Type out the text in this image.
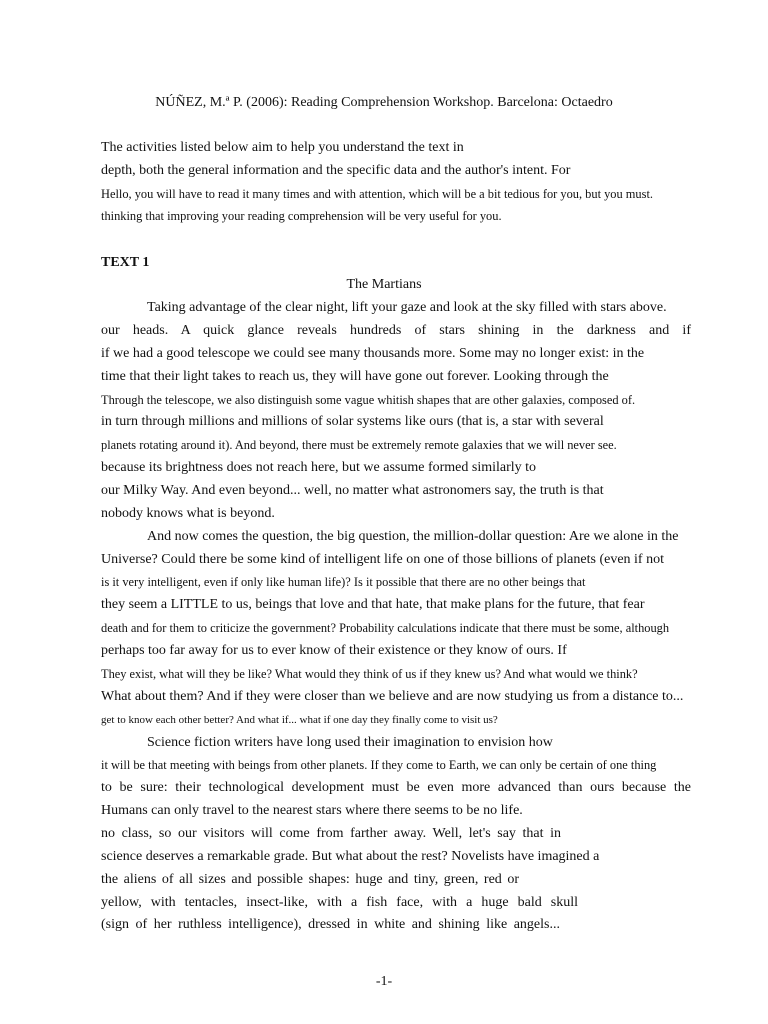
NÚÑEZ, M.ª P. (2006): Reading Comprehension Workshop. Barcelona: Octaedro
The activities listed below aim to help you understand the text in
depth, both the general information and the specific data and the author's intent. For
Hello, you will have to read it many times and with attention, which will be a bit tedious for you, but you must.
thinking that improving your reading comprehension will be very useful for you.
TEXT 1
The Martians
Taking advantage of the clear night, lift your gaze and look at the sky filled with stars above.
our heads. A quick glance reveals hundreds of stars shining in the darkness and if
if we had a good telescope we could see many thousands more. Some may no longer exist: in the
time that their light takes to reach us, they will have gone out forever. Looking through the
Through the telescope, we also distinguish some vague whitish shapes that are other galaxies, composed of.
in turn through millions and millions of solar systems like ours (that is, a star with several
planets rotating around it). And beyond, there must be extremely remote galaxies that we will never see.
because its brightness does not reach here, but we assume formed similarly to
our Milky Way. And even beyond... well, no matter what astronomers say, the truth is that
nobody knows what is beyond.
And now comes the question, the big question, the million-dollar question: Are we alone in the
Universe? Could there be some kind of intelligent life on one of those billions of planets (even if not
is it very intelligent, even if only like human life)? Is it possible that there are no other beings that
they seem a LITTLE to us, beings that love and that hate, that make plans for the future, that fear
death and for them to criticize the government? Probability calculations indicate that there must be some, although
perhaps too far away for us to ever know of their existence or they know of ours. If
They exist, what will they be like? What would they think of us if they knew us? And what would we think?
What about them? And if they were closer than we believe and are now studying us from a distance to...
get to know each other better? And what if... what if one day they finally come to visit us?
Science fiction writers have long used their imagination to envision how
it will be that meeting with beings from other planets. If they come to Earth, we can only be certain of one thing
to be sure: their technological development must be even more advanced than ours because the
Humans can only travel to the nearest stars where there seems to be no life.
no class, so our visitors will come from farther away. Well, let's say that in
science deserves a remarkable grade. But what about the rest? Novelists have imagined a
the aliens of all sizes and possible shapes: huge and tiny, green, red or
yellow, with tentacles, insect-like, with a fish face, with a huge bald skull
(sign of her ruthless intelligence), dressed in white and shining like angels...
-1-
